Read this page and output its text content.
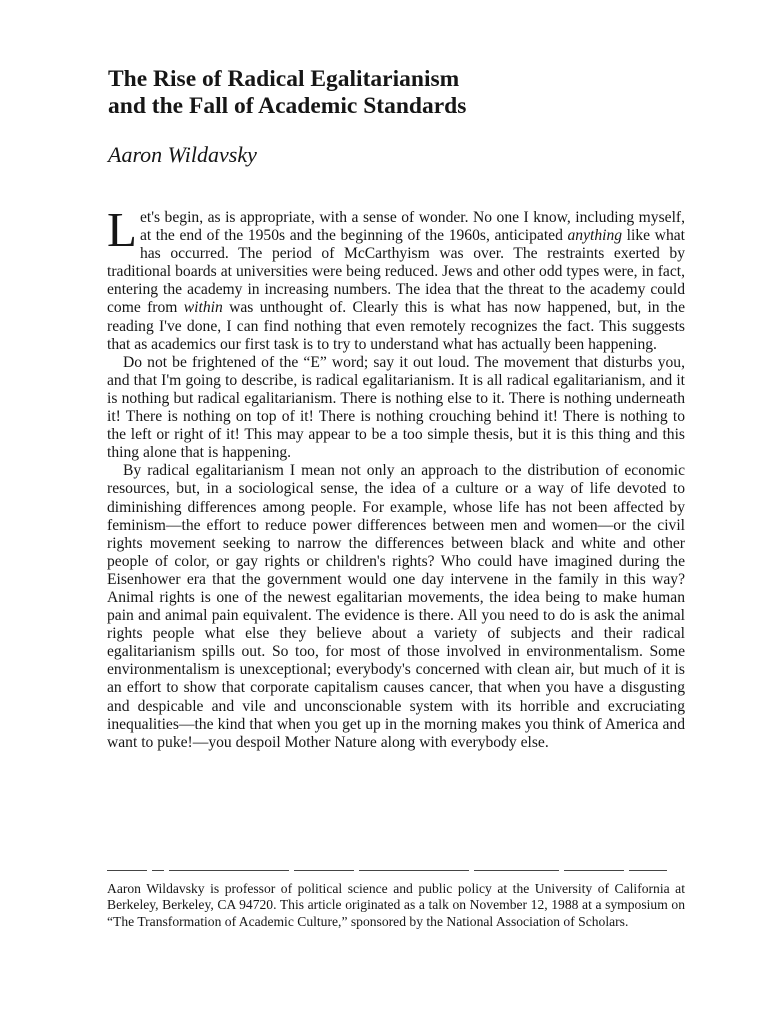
The Rise of Radical Egalitarianism
and the Fall of Academic Standards

Aaron Wildavsky

Let's begin, as is appropriate, with a sense of wonder. No one I know, including myself, at the end of the 1950s and the beginning of the 1960s, anticipated anything like what has occurred. The period of McCarthyism was over. The restraints exerted by traditional boards at universities were being reduced. Jews and other odd types were, in fact, entering the academy in increasing numbers. The idea that the threat to the academy could come from within was unthought of. Clearly this is what has now happened, but, in the reading I've done, I can find nothing that even remotely recognizes the fact. This suggests that as academics our first task is to try to understand what has actually been happening.

Do not be frightened of the “E” word; say it out loud. The movement that disturbs you, and that I'm going to describe, is radical egalitarianism. It is all radical egalitarianism, and it is nothing but radical egalitarianism. There is nothing else to it. There is nothing underneath it! There is nothing on top of it! There is nothing crouching behind it! There is nothing to the left or right of it! This may appear to be a too simple thesis, but it is this thing and this thing alone that is happening.

By radical egalitarianism I mean not only an approach to the distribution of economic resources, but, in a sociological sense, the idea of a culture or a way of life devoted to diminishing differences among people. For example, whose life has not been affected by feminism—the effort to reduce power differences between men and women—or the civil rights movement seeking to narrow the differences between black and white and other people of color, or gay rights or children's rights? Who could have imagined during the Eisenhower era that the government would one day intervene in the family in this way? Animal rights is one of the newest egalitarian movements, the idea being to make human pain and animal pain equivalent. The evidence is there. All you need to do is ask the animal rights people what else they believe about a variety of subjects and their radical egalitarianism spills out. So too, for most of those involved in environmentalism. Some environmentalism is unexceptional; everybody's concerned with clean air, but much of it is an effort to show that corporate capitalism causes cancer, that when you have a disgusting and despicable and vile and unconscionable system with its horrible and excruciating inequalities—the kind that when you get up in the morning makes you think of America and want to puke!—you despoil Mother Nature along with everybody else.

Aaron Wildavsky is professor of political science and public policy at the University of California at Berkeley, Berkeley, CA 94720. This article originated as a talk on November 12, 1988 at a symposium on “The Transformation of Academic Culture,” sponsored by the National Association of Scholars.
